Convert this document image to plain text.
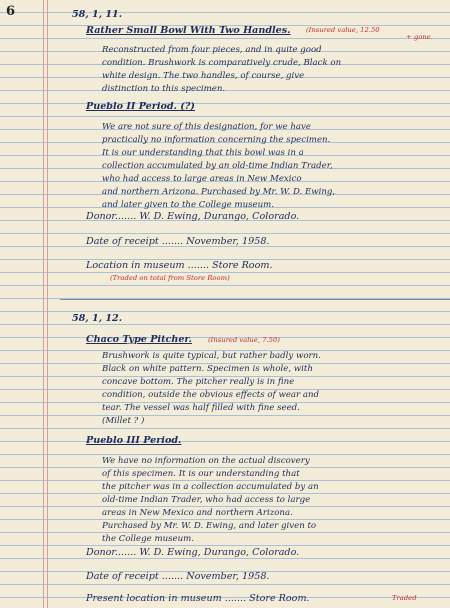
6	58, 1, 11.
Rather Small Bowl With Two Handles. (Insured value, 12.50
+ gone.
Reconstructed from four pieces, and in quite good
condition. Brushwork is comparatively crude, Black on
white design. The two handles, of course, give
distinction to this specimen.
Pueblo II Period. (?)
We are not sure of this designation, for we have
practically no information concerning the specimen.
It is our understanding that this bowl was in a
collection accumulated by an old-time Indian Trader,
who had access to large areas in New Mexico
and northern Arizona. Purchased by Mr. W. D. Ewing,
and later given to the College museum.
Donor....... W. D. Ewing, Durango, Colorado.
Date of receipt ....... November, 1958.
Location in museum ....... Store Room.
(Traded on total from Store Room)
58, 1, 12.
Chaco Type Pitcher. (Insured value, 7.50)
Brushwork is quite typical, but rather badly worn.
Black on white pattern. Specimen is whole, with
concave bottom. The pitcher really is in fine
condition, outside the obvious effects of wear and
tear. The vessel was half filled with fine seed.
(Millet ? )
Pueblo III Period.
We have no information on the actual discovery
of this specimen. It is our understanding that
the pitcher was in a collection accumulated by an
old-time Indian Trader, who had access to large
areas in New Mexico and northern Arizona.
Purchased by Mr. W. D. Ewing, and later given to
the College museum.
Donor....... W. D. Ewing, Durango, Colorado.
Date of receipt ....... November, 1958.
Present location in museum ....... Store Room.	Traded
